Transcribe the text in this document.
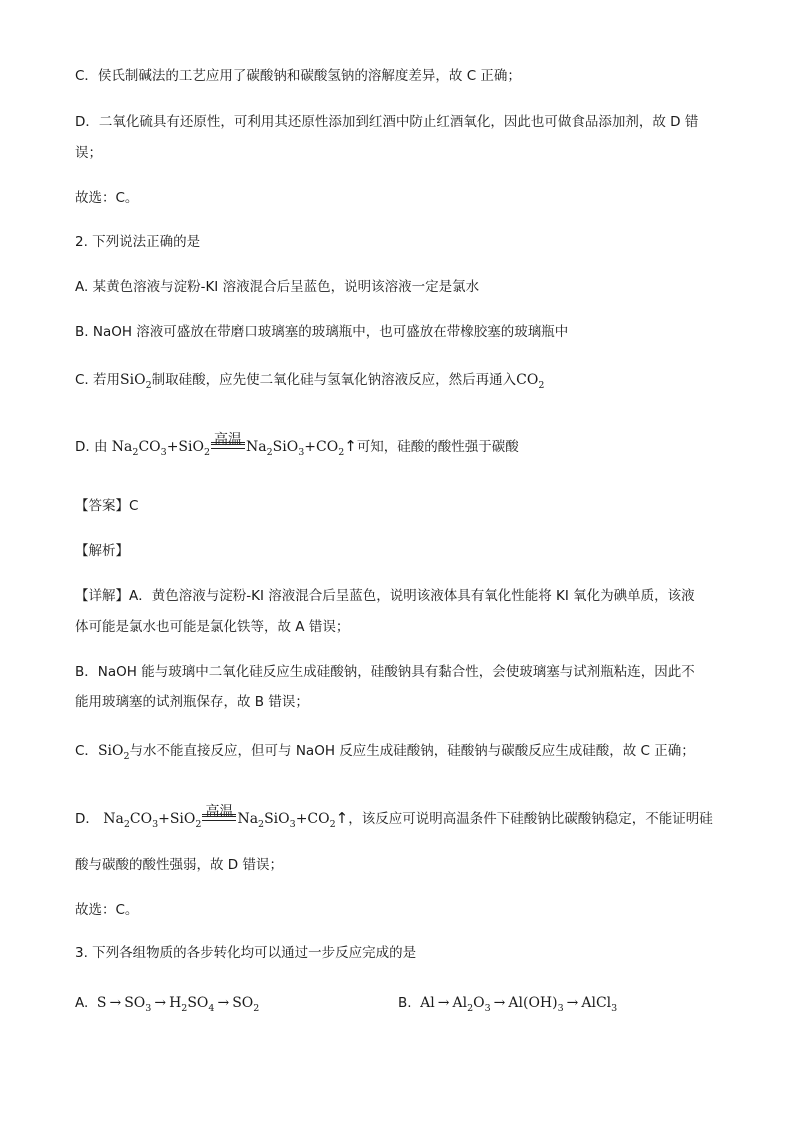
C．侯氏制碱法的工艺应用了碳酸钠和碳酸氢钠的溶解度差异，故 C 正确；
D．二氧化硫具有还原性，可利用其还原性添加到红酒中防止红酒氧化，因此也可做食品添加剂，故 D 错
误；
故选：C。
2. 下列说法正确的是
A. 某黄色溶液与淀粉-KI 溶液混合后呈蓝色，说明该溶液一定是氯水
B. NaOH 溶液可盛放在带磨口玻璃塞的玻璃瓶中，也可盛放在带橡胶塞的玻璃瓶中
C. 若用SiO$_2$制取硅酸，应先使二氧化硅与氢氧化钠溶液反应，然后再通入$CO_2$
D. 由 $Na_2CO_3+SiO_2$
高温 $Na_2SiO_3+CO_2↑$可知，硅酸的酸性强于碳酸
【答案】C
【解析】
【详解】A．黄色溶液与淀粉-KI 溶液混合后呈蓝色，说明该液体具有氧化性能将 KI 氧化为碘单质，该液
体可能是氯水也可能是氯化铁等，故 A 错误；
B．NaOH 能与玻璃中二氧化硅反应生成硅酸钠，硅酸钠具有黏合性，会使玻璃塞与试剂瓶粘连，因此不
能用玻璃塞的试剂瓶保存，故 B 错误；
C．SiO$_2$与水不能直接反应，但可与 NaOH 反应生成硅酸钠，硅酸钠与碳酸反应生成硅酸，故 C 正确；
D． $Na_2CO_3+SiO_2$
高温 $Na_2SiO_3+CO_2↑$，该反应可说明高温条件下硅酸钠比碳酸钠稳定，不能证明硅
酸与碳酸的酸性强弱，故 D 错误；
故选：C。
3. 下列各组物质的各步转化均可以通过一步反应完成的是
A. $S \to SO_3 \to H_2SO_4 \to SO_2$	B. $Al \to Al_2O_3 \to Al(OH)_3$ → AlCl$_3$
